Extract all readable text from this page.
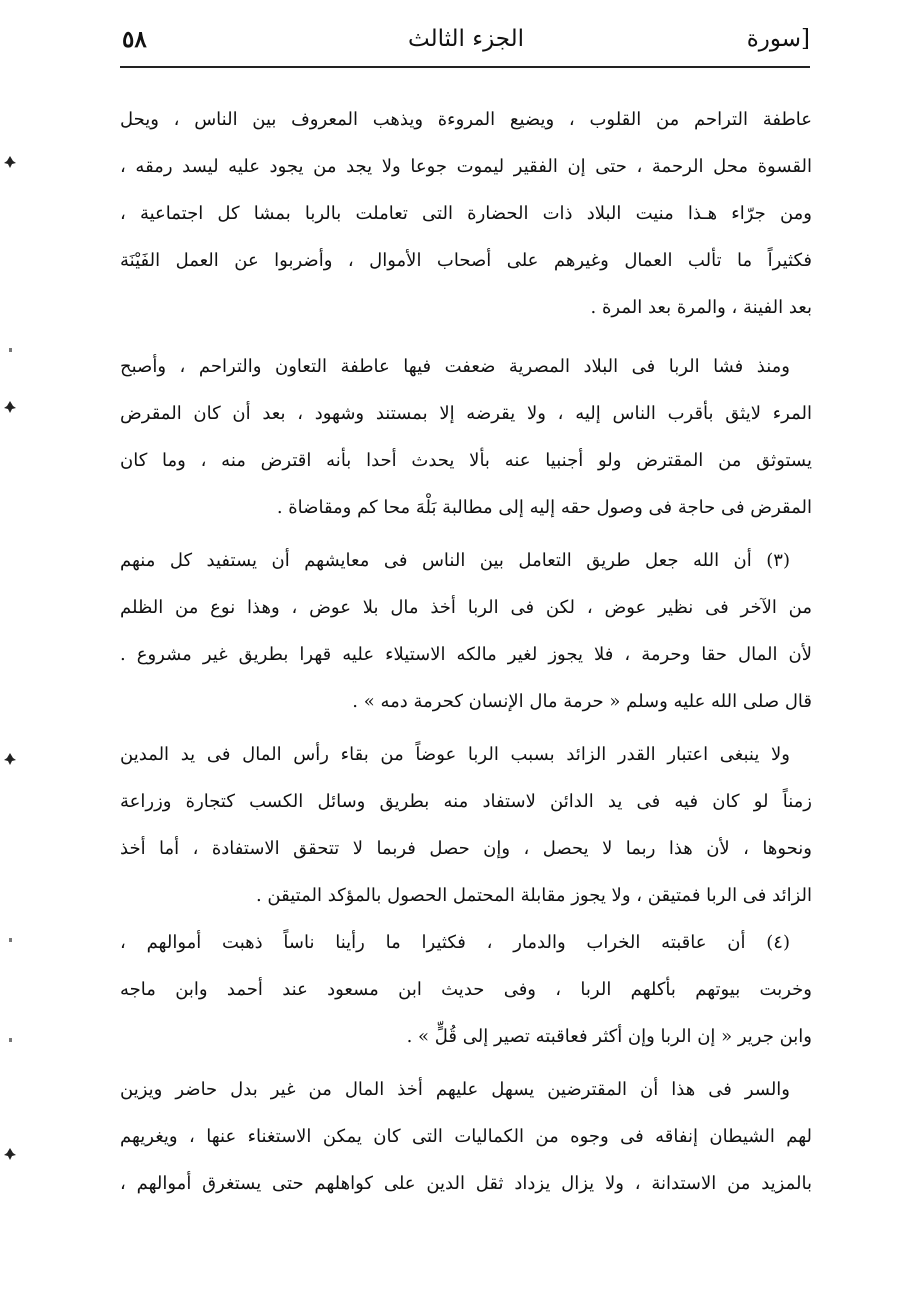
[سورة
الجزء الثالث
٥٨
عاطفة التراحم من القلوب ، ويضيع المروءة ويذهب المعروف بين الناس ، ويحل
القسوة محل الرحمة ، حتى إن الفقير ليموت جوعا ولا يجد من يجود عليه ليسد رمقه ،
ومن جرّاء هـذا منيت البلاد ذات الحضارة التى تعاملت بالربا بمشا كل اجتماعية ،
فكثيراً ما تألب العمال وغيرهم على أصحاب الأموال ، وأضربوا عن العمل الفَيْنَة
بعد الفينة ، والمرة بعد المرة .
ومنذ فشا الربا فى البلاد المصرية ضعفت فيها عاطفة التعاون والتراحم ، وأصبح
المرء لايثق بأقرب الناس إليه ، ولا يقرضه إلا بمستند وشهود ، بعد أن كان المقرض
يستوثق من المقترض ولو أجنبيا عنه بألا يحدث أحدا بأنه اقترض منه ، وما كان
المقرض فى حاجة فى وصول حقه إليه إلى مطالبة بَلْهَ محا كم ومقاضاة .
(٣) أن الله جعل طريق التعامل بين الناس فى معايشهم أن يستفيد كل منهم
من الآخر فى نظير عوض ، لكن فى الربا أخذ مال بلا عوض ، وهذا نوع من الظلم
لأن المال حقا وحرمة ، فلا يجوز لغير مالكه الاستيلاء عليه قهرا بطريق غير مشروع .
قال صلى الله عليه وسلم « حرمة مال الإنسان كحرمة دمه » .
ولا ينبغى اعتبار القدر الزائد بسبب الربا عوضاً من بقاء رأس المال فى يد المدين
زمناً لو كان فيه فى يد الدائن لاستفاد منه بطريق وسائل الكسب كتجارة وزراعة
ونحوها ، لأن هذا ربما لا يحصل ، وإن حصل فربما لا تتحقق الاستفادة ، أما أخذ
الزائد فى الربا فمتيقن ، ولا يجوز مقابلة المحتمل الحصول بالمؤكد المتيقن .
(٤) أن عاقبته الخراب والدمار ، فكثيرا ما رأينا ناساً ذهبت أموالهم ،
وخربت بيوتهم بأكلهم الربا ، وفى حديث ابن مسعود عند أحمد وابن ماجه
وابن جرير « إن الربا وإن أكثر فعاقبته تصير إلى قُلٍّ » .
والسر فى هذا أن المقترضين يسهل عليهم أخذ المال من غير بدل حاضر ويزين
لهم الشيطان إنفاقه فى وجوه من الكماليات التى كان يمكن الاستغناء عنها ، ويغريهم
بالمزيد من الاستدانة ، ولا يزال يزداد ثقل الدين على كواهلهم حتى يستغرق أموالهم ،
